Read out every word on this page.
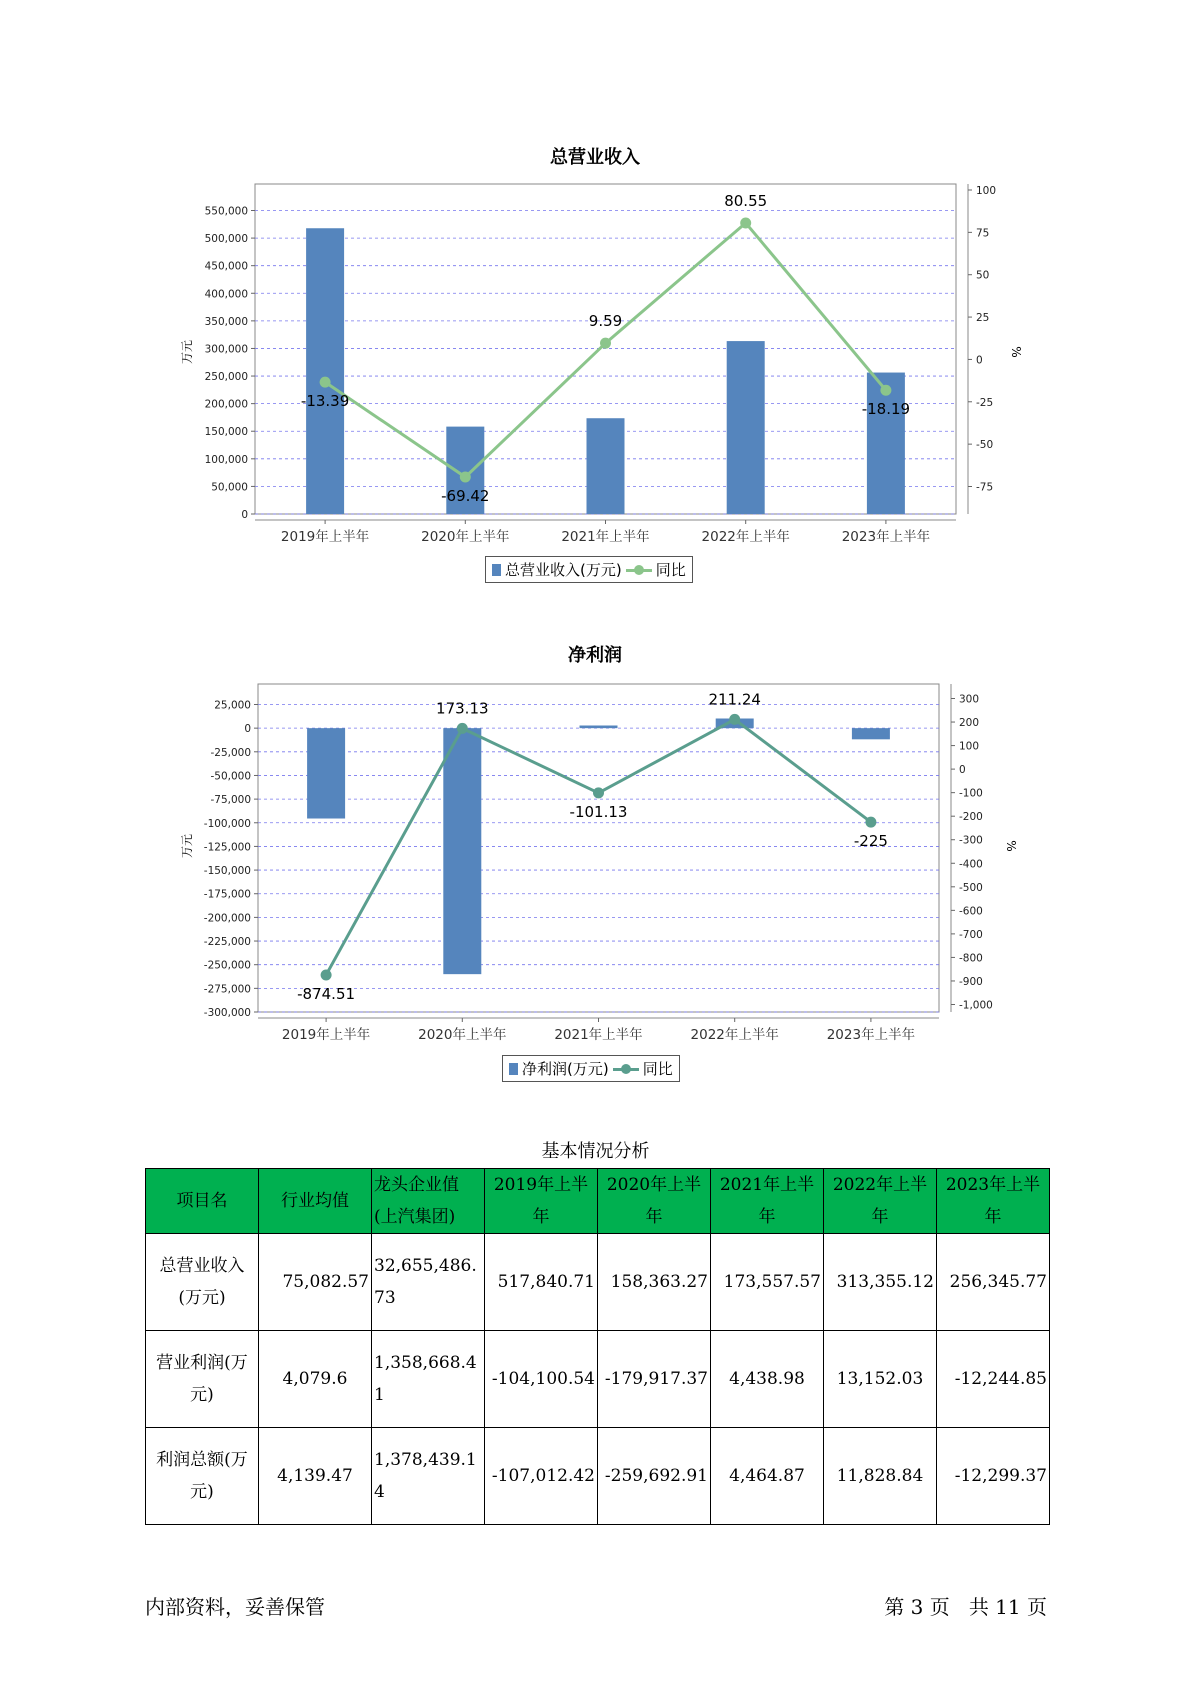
总营业收入
0
50,000
100,000
150,000
200,000
250,000
300,000
350,000
400,000
450,000
500,000
550,000
-75
-50
-25
0
25
50
75
100
万元	%
2019年上半年	2020年上半年	2021年上半年	2022年上半年	2023年上半年
-13.39
-69.42
9.59
80.55
-18.19
总营业收入(万元) 同比
净利润
25,000
0
-25,000
-50,000
-75,000
-100,000
-125,000
-150,000
-175,000
-200,000
-225,000
-250,000
-275,000
-300,000
300
200
100
0
-100
-200
-300
-400
-500
-600
-700
-800
-900
-1,000
万元	%
2019年上半年	2020年上半年	2021年上半年	2022年上半年	2023年上半年
-874.51
173.13
-101.13
211.24
-225
净利润(万元) 同比
基本情况分析
项目名	行业均值	龙头企业值(上汽集团)	2019年上半年	2020年上半年	2021年上半年	2022年上半年	2023年上半年
总营业收入(万元)	75,082.57	32,655,486.73	517,840.71	158,363.27	173,557.57	313,355.12	256,345.77
营业利润(万元)	4,079.6	1,358,668.41	-104,100.54	-179,917.37	4,438.98	13,152.03	-12,244.85
利润总额(万元)	4,139.47	1,378,439.14	-107,012.42	-259,692.91	4,464.87	11,828.84	-12,299.37
内部资料，妥善保管	第 3 页   共 11 页
